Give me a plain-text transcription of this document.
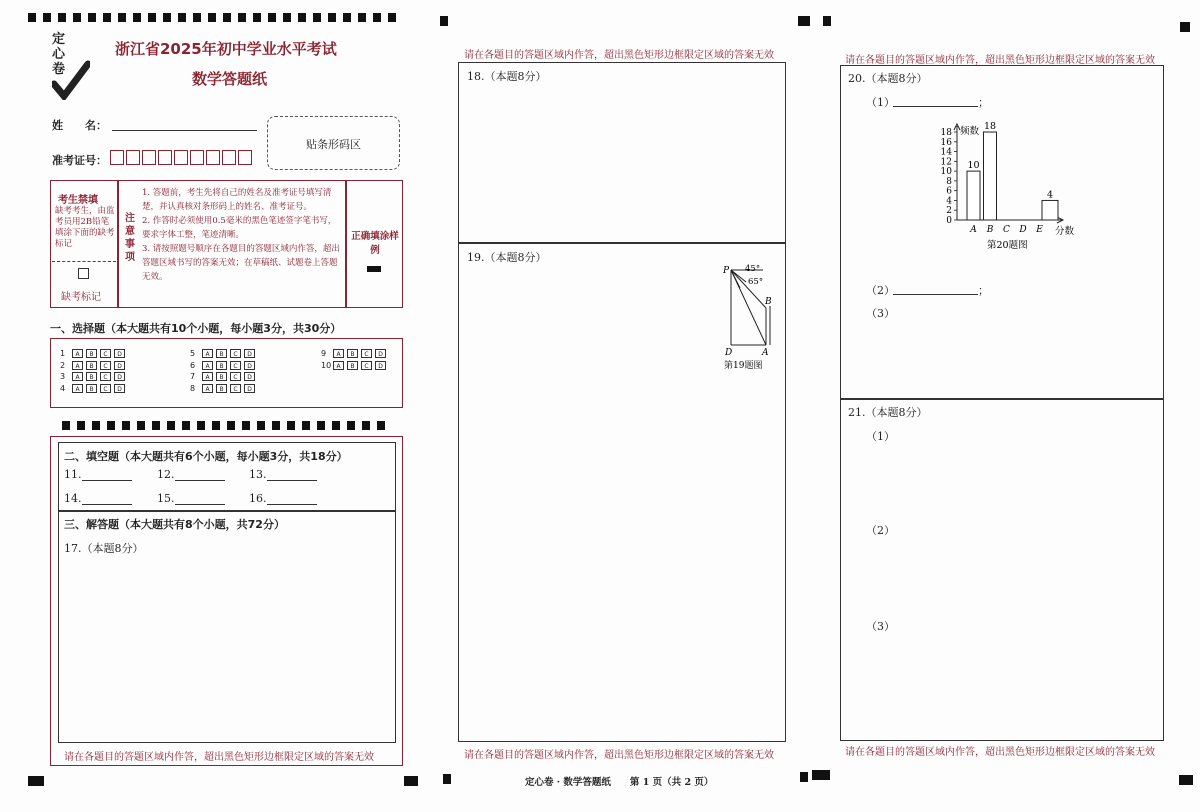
定心卷
浙江省2025年初中学业水平考试
数学答题纸
姓　　名：
准考证号：
贴条形码区
考生禁填
缺考考生，由监考员用2B铅笔填涂下面的缺考标记
缺考标记
注意事项
1. 答题前，考生先将自己的姓名及准考证号填写清楚，并认真核对条形码上的姓名、准考证号。
2. 作答时必须使用0.5毫米的黑色笔迹签字笔书写，要求字体工整，笔迹清晰。
3. 请按照题号顺序在各题目的答题区域内作答，超出答题区域书写的答案无效；在草稿纸、试题卷上答题无效。
正确填涂样例
一、选择题（本大题共有10个小题，每小题3分，共30分）
1 A B C D
2 A B C D
3 A B C D
4 A B C D
5 A B C D
6 A B C D
7 A B C D
8 A B C D
9 A B C D
10 A B C D
二、填空题（本大题共有6个小题，每小题3分，共18分）
11.	12.	13.
14.	15.	16.
三、解答题（本大题共有8个小题，共72分）
17.（本题8分）
请在各题目的答题区域内作答，超出黑色矩形边框限定区域的答案无效
请在各题目的答题区域内作答，超出黑色矩形边框限定区域的答案无效
18.（本题8分）
19.（本题8分）
P 45°
65°
B
D	A
第19题图
请在各题目的答题区域内作答，超出黑色矩形边框限定区域的答案无效
请在各题目的答题区域内作答，超出黑色矩形边框限定区域的答案无效
20.（本题8分）
（1）	；
0
2
4
6
8
10
12
14
16
18 频数
分数
A
10
B
18
C D E
4
第20题图
（2）	；
（3）
21.（本题8分）
（1）
（2）
（3）
请在各题目的答题区域内作答，超出黑色矩形边框限定区域的答案无效
定心卷 · 数学答题纸　　第 1 页（共 2 页）
